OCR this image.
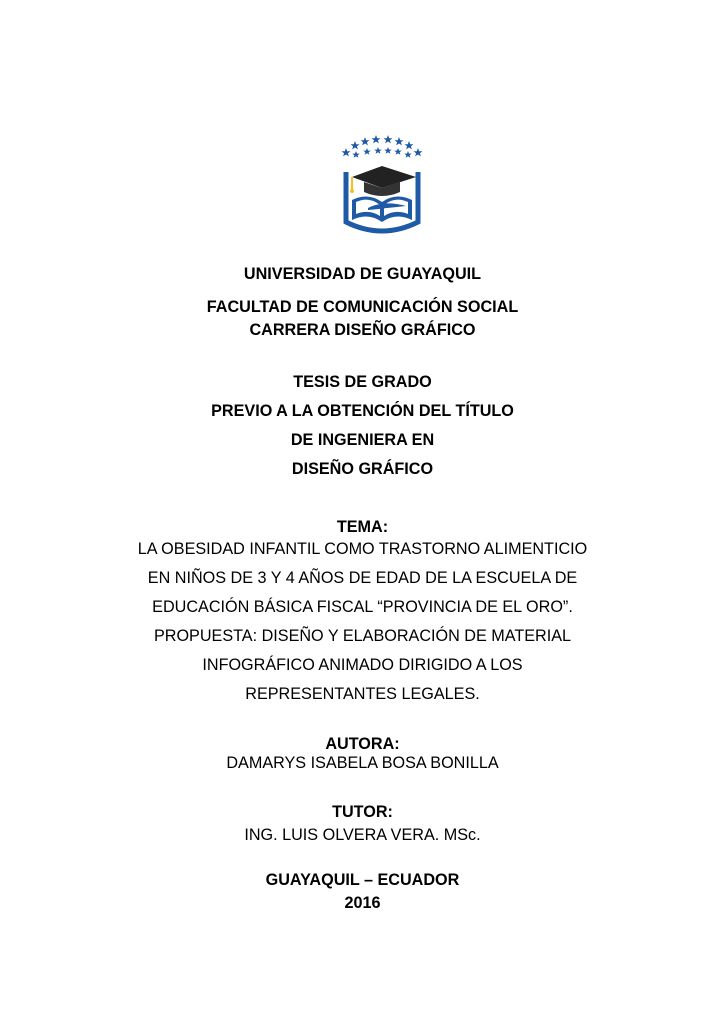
UNIVERSIDAD DE GUAYAQUIL
FACULTAD DE COMUNICACIÓN SOCIAL
CARRERA DISEÑO GRÁFICO
TESIS DE GRADO
PREVIO A LA OBTENCIÓN DEL TÍTULO
DE INGENIERA EN
DISEÑO GRÁFICO
TEMA:
LA OBESIDAD INFANTIL COMO TRASTORNO ALIMENTICIO
EN NIÑOS DE 3 Y 4 AÑOS DE EDAD DE LA ESCUELA DE
EDUCACIÓN BÁSICA FISCAL “PROVINCIA DE EL ORO”.
PROPUESTA: DISEÑO Y ELABORACIÓN DE MATERIAL
INFOGRÁFICO ANIMADO DIRIGIDO A LOS
REPRESENTANTES LEGALES.
AUTORA:
DAMARYS ISABELA BOSA BONILLA
TUTOR:
ING. LUIS OLVERA VERA. MSc.
GUAYAQUIL – ECUADOR
2016
